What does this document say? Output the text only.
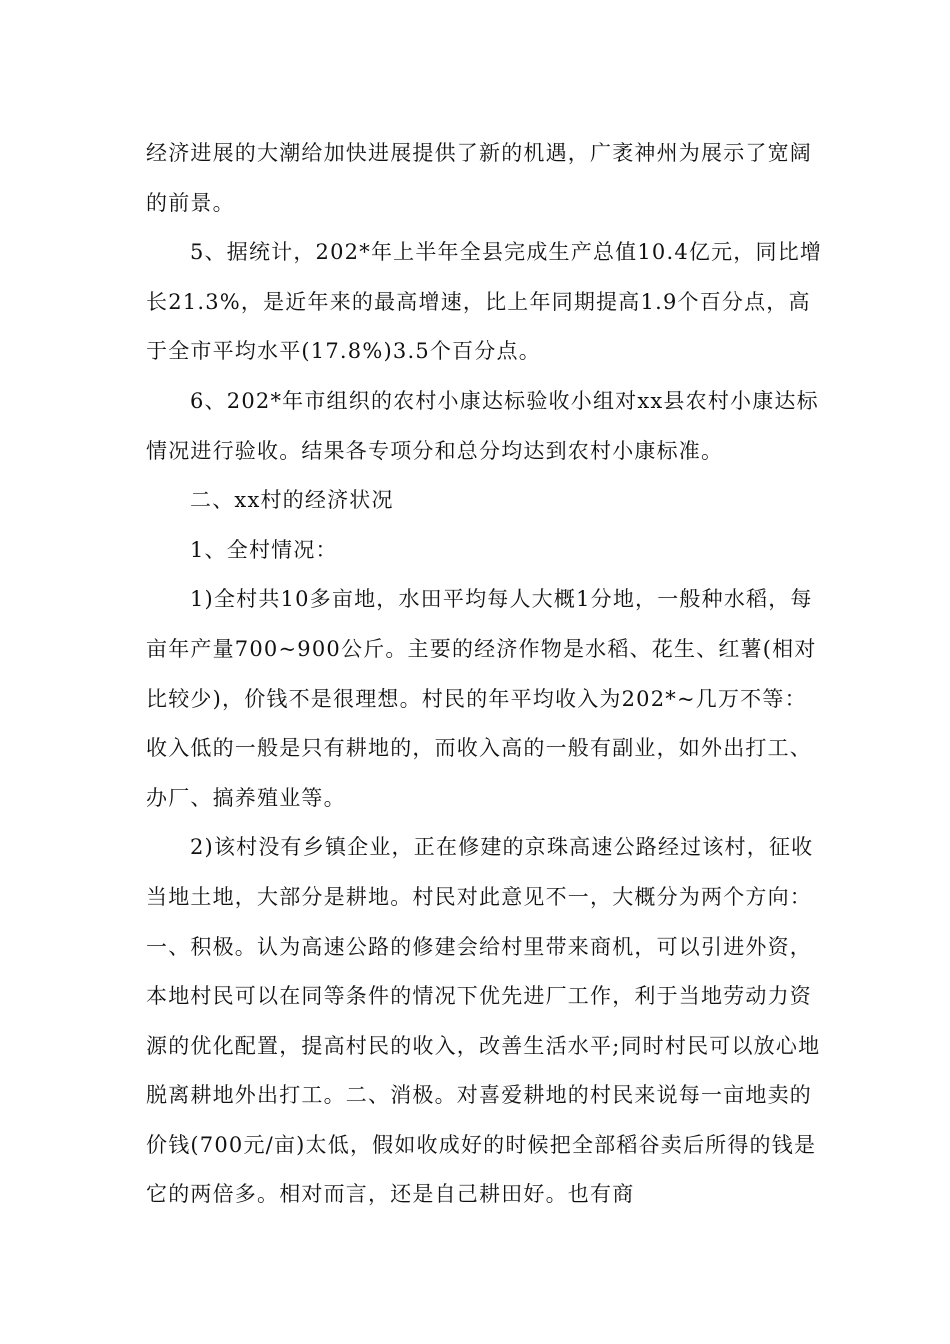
经济进展的大潮给加快进展提供了新的机遇，广袤神州为展示了宽阔的前景。

5、据统计，202*年上半年全县完成生产总值10.4亿元，同比增长21.3%，是近年来的最高增速，比上年同期提高1.9个百分点，高于全市平均水平(17.8%)3.5个百分点。

6、202*年市组织的农村小康达标验收小组对xx县农村小康达标情况进行验收。结果各专项分和总分均达到农村小康标准。

二、xx村的经济状况

1、全村情况：

1)全村共10多亩地，水田平均每人大概1分地，一般种水稻，每亩年产量700~900公斤。主要的经济作物是水稻、花生、红薯(相对比较少)，价钱不是很理想。村民的年平均收入为202*~几万不等：收入低的一般是只有耕地的，而收入高的一般有副业，如外出打工、办厂、搞养殖业等。

2)该村没有乡镇企业，正在修建的京珠高速公路经过该村，征收当地土地，大部分是耕地。村民对此意见不一，大概分为两个方向：一、积极。认为高速公路的修建会给村里带来商机，可以引进外资，本地村民可以在同等条件的情况下优先进厂工作，利于当地劳动力资源的优化配置，提高村民的收入，改善生活水平;同时村民可以放心地脱离耕地外出打工。二、消极。对喜爱耕地的村民来说每一亩地卖的价钱(700元/亩)太低，假如收成好的时候把全部稻谷卖后所得的钱是它的两倍多。相对而言，还是自己耕田好。也有商
